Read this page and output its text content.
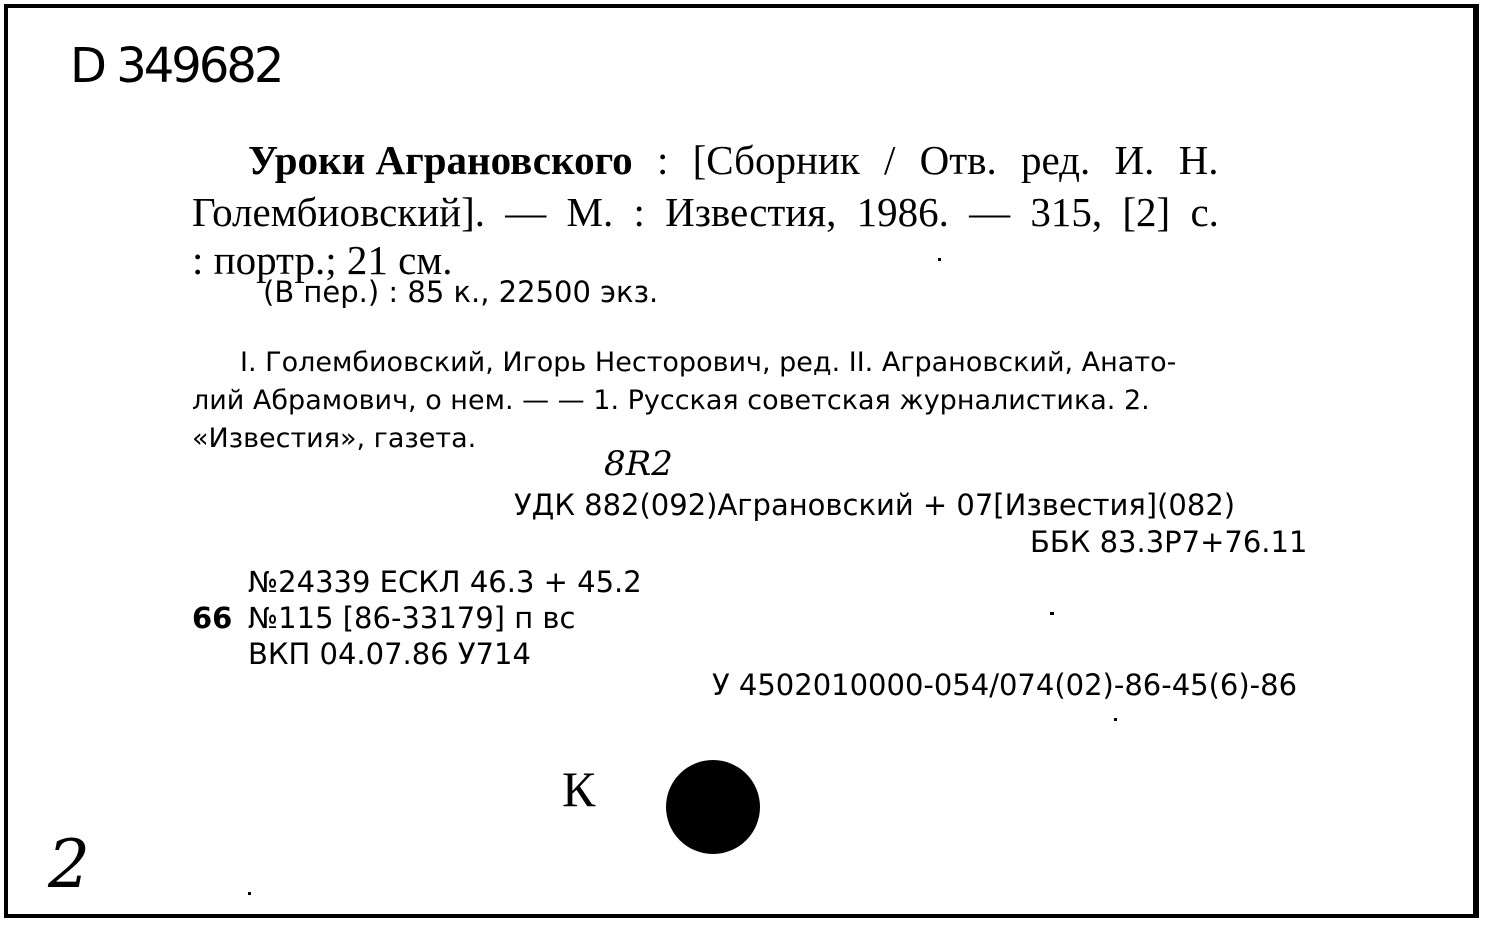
D 349682
Уроки Аграновского : [Сборник / Отв. ред. И. Н.
Голембиовский]. — М. : Известия, 1986. — 315, [2] с.
: портр.; 21 см.
(В пер.) : 85 к., 22500 экз.
I. Голембиовский, Игорь Несторович, ред. II. Аграновский, Анато-
лий Абрамович, о нем. — — 1. Русская советская журналистика. 2.
«Известия», газета.
8R2
УДК 882(092)Аграновский + 07[Известия](082)
ББК 83.3Р7+76.11
№24339 ЕСКЛ 46.3 + 45.2
66 №115 [86-33179] п вс
ВКП 04.07.86 У714
У 4502010000-054/074(02)-86-45(6)-86
К
2
